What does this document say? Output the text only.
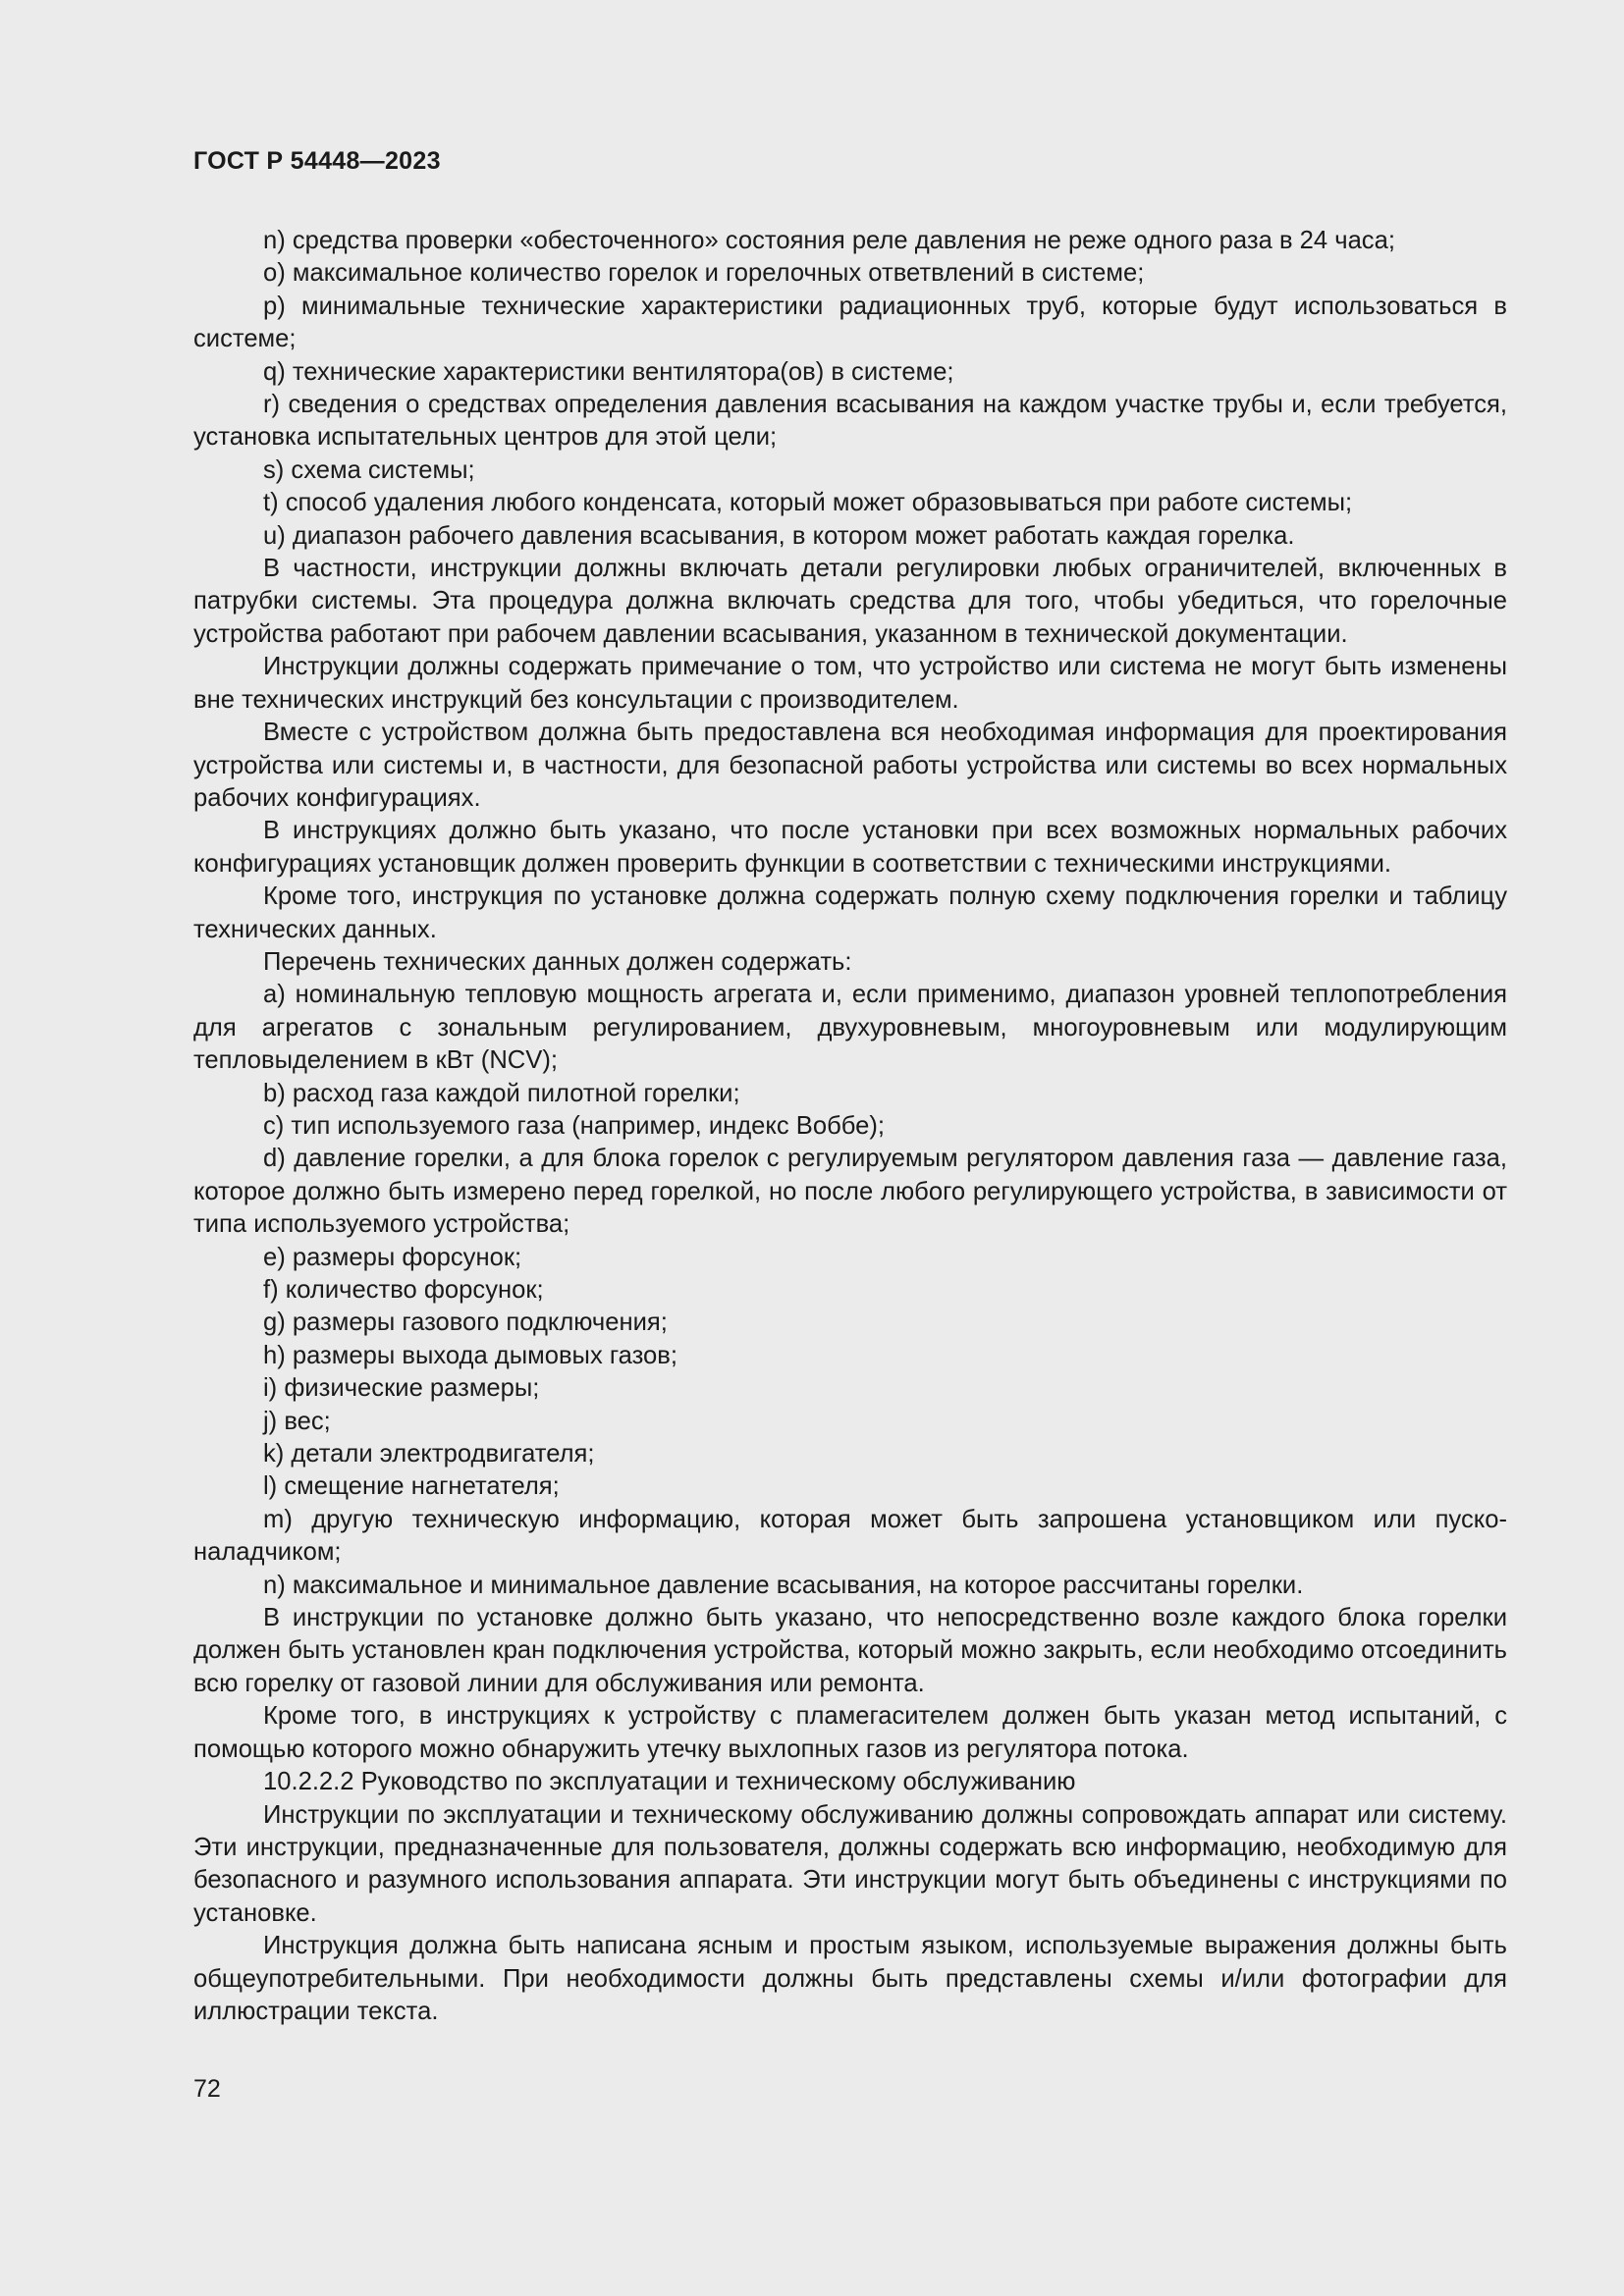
ГОСТ Р 54448—2023

n) средства проверки «обесточенного» состояния реле давления не реже одного раза в 24 часа;

o) максимальное количество горелок и горелочных ответвлений в системе;

p) минимальные технические характеристики радиационных труб, которые будут использоваться в системе;

q) технические характеристики вентилятора(ов) в системе;

r) сведения о средствах определения давления всасывания на каждом участке трубы и, если требуется, установка испытательных центров для этой цели;

s) схема системы;

t) способ удаления любого конденсата, который может образовываться при работе системы;

u) диапазон рабочего давления всасывания, в котором может работать каждая горелка.

В частности, инструкции должны включать детали регулировки любых ограничителей, включенных в патрубки системы. Эта процедура должна включать средства для того, чтобы убедиться, что горелочные устройства работают при рабочем давлении всасывания, указанном в технической документации.

Инструкции должны содержать примечание о том, что устройство или система не могут быть изменены вне технических инструкций без консультации с производителем.

Вместе с устройством должна быть предоставлена вся необходимая информация для проектирования устройства или системы и, в частности, для безопасной работы устройства или системы во всех нормальных рабочих конфигурациях.

В инструкциях должно быть указано, что после установки при всех возможных нормальных рабочих конфигурациях установщик должен проверить функции в соответствии с техническими инструкциями.

Кроме того, инструкция по установке должна содержать полную схему подключения горелки и таблицу технических данных.

Перечень технических данных должен содержать:

a) номинальную тепловую мощность агрегата и, если применимо, диапазон уровней теплопотребления для агрегатов с зональным регулированием, двухуровневым, многоуровневым или модулирующим тепловыделением в кВт (NCV);

b) расход газа каждой пилотной горелки;

c) тип используемого газа (например, индекс Воббе);

d) давление горелки, а для блока горелок с регулируемым регулятором давления газа — давление газа, которое должно быть измерено перед горелкой, но после любого регулирующего устройства, в зависимости от типа используемого устройства;

e) размеры форсунок;

f) количество форсунок;

g) размеры газового подключения;

h) размеры выхода дымовых газов;

i) физические размеры;

j) вес;

k) детали электродвигателя;

l) смещение нагнетателя;

m) другую техническую информацию, которая может быть запрошена установщиком или пусконаладчиком;

n) максимальное и минимальное давление всасывания, на которое рассчитаны горелки.

В инструкции по установке должно быть указано, что непосредственно возле каждого блока горелки должен быть установлен кран подключения устройства, который можно закрыть, если необходимо отсоединить всю горелку от газовой линии для обслуживания или ремонта.

Кроме того, в инструкциях к устройству с пламегасителем должен быть указан метод испытаний, с помощью которого можно обнаружить утечку выхлопных газов из регулятора потока.

10.2.2.2 Руководство по эксплуатации и техническому обслуживанию

Инструкции по эксплуатации и техническому обслуживанию должны сопровождать аппарат или систему. Эти инструкции, предназначенные для пользователя, должны содержать всю информацию, необходимую для безопасного и разумного использования аппарата. Эти инструкции могут быть объединены с инструкциями по установке.

Инструкция должна быть написана ясным и простым языком, используемые выражения должны быть общеупотребительными. При необходимости должны быть представлены схемы и/или фотографии для иллюстрации текста.

72
